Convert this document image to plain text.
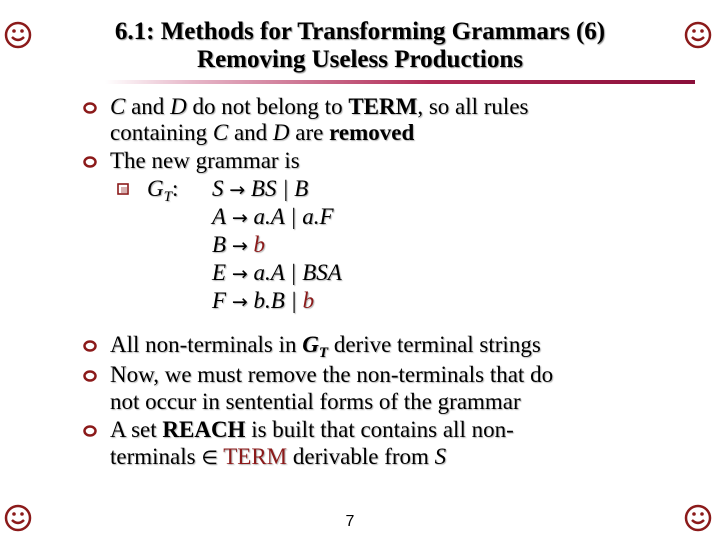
6.1: Methods for Transforming Grammars (6)
Removing Useless Productions
C and D do not belong to TERM, so all rules
containing C and D are removed
The new grammar is
$G_T$: S → BS | B
A → a.A | a.F
B → b
E → a.A | BSA
F → b.B | b
All non-terminals in $G_T$ derive terminal strings
Now, we must remove the non-terminals that do
not occur in sentential forms of the grammar
A set REACH is built that contains all non-
terminals ∈ TERM derivable from S
7
